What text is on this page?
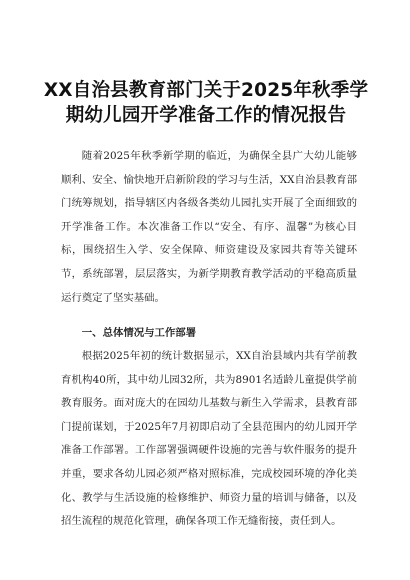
XX自治县教育部门关于2025年秋季学期幼儿园开学准备工作的情况报告

随着2025年秋季新学期的临近，为确保全县广大幼儿能够顺利、安全、愉快地开启新阶段的学习与生活，XX自治县教育部门统筹规划，指导辖区内各级各类幼儿园扎实开展了全面细致的开学准备工作。本次准备工作以“安全、有序、温馨”为核心目标，围绕招生入学、安全保障、师资建设及家园共育等关键环节，系统部署，层层落实，为新学期教育教学活动的平稳高质量运行奠定了坚实基础。

一、总体情况与工作部署

根据2025年初的统计数据显示，XX自治县域内共有学前教育机构40所，其中幼儿园32所，共为8901名适龄儿童提供学前教育服务。面对庞大的在园幼儿基数与新生入学需求，县教育部门提前谋划，于2025年7月初即启动了全县范围内的幼儿园开学准备工作部署。工作部署强调硬件设施的完善与软件服务的提升并重，要求各幼儿园必须严格对照标准，完成校园环境的净化美化、教学与生活设施的检修维护、师资力量的培训与储备，以及招生流程的规范化管理，确保各项工作无缝衔接，责任到人。
